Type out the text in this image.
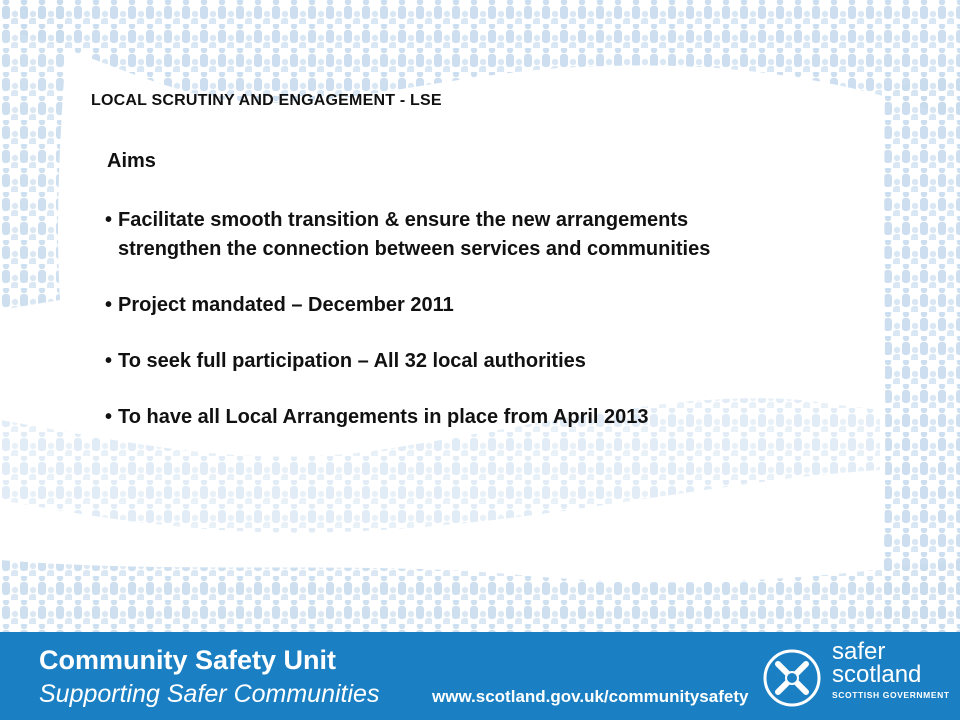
LOCAL SCRUTINY AND ENGAGEMENT - LSE
Aims
• Facilitate smooth transition & ensure the new arrangements
strengthen the connection between services and communities
• Project mandated – December 2011
• To seek full participation – All 32 local authorities
• To have all Local Arrangements in place from April 2013
Community Safety Unit
Supporting Safer Communities	www.scotland.gov.uk/communitysafety
safer
scotland
SCOTTISH GOVERNMENT
